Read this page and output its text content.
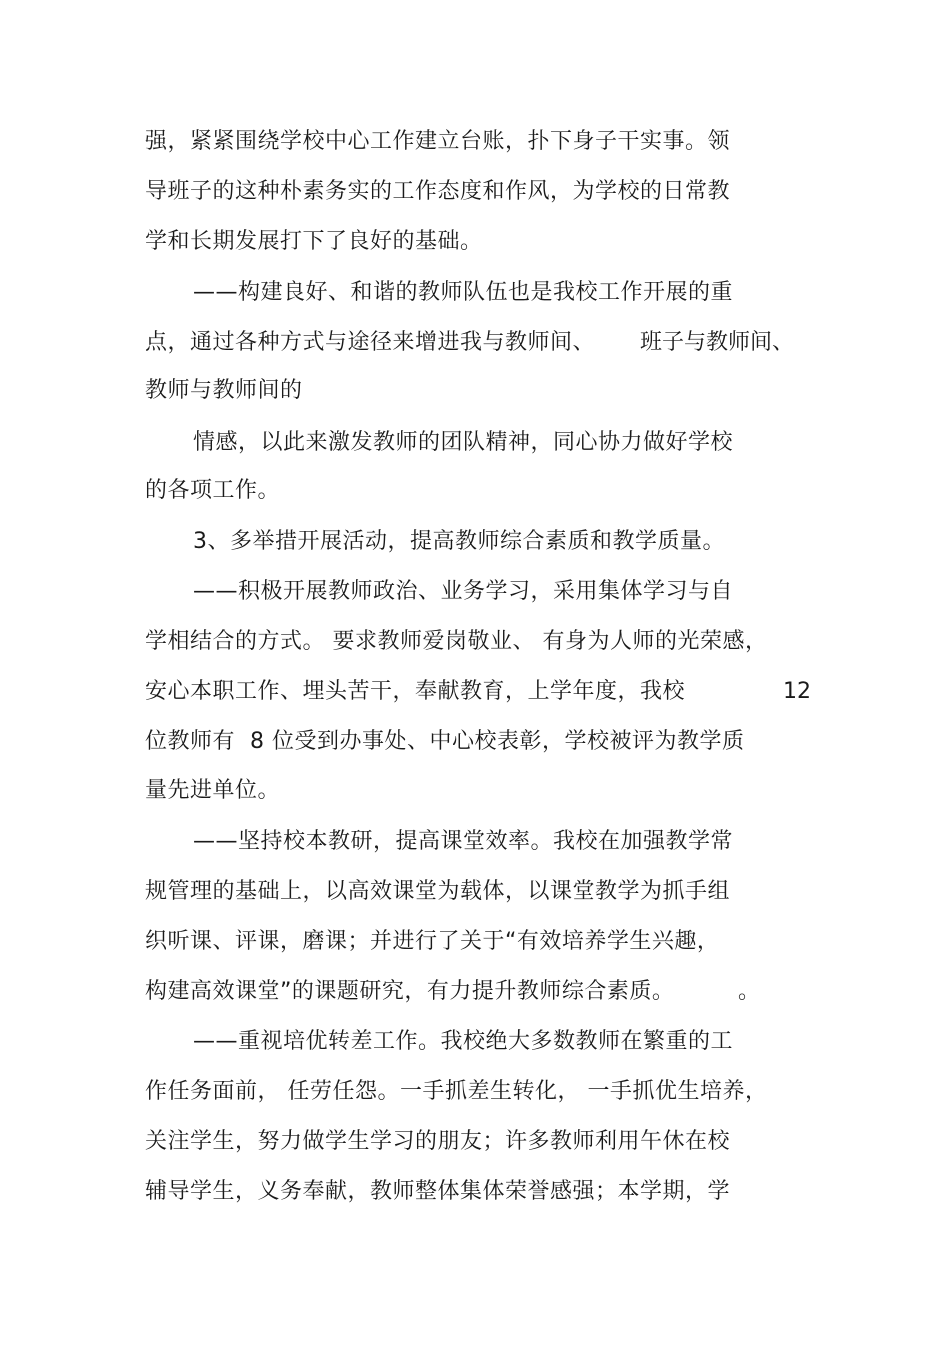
强，紧紧围绕学校中心工作建立台账，扑下身子干实事。领
导班子的这种朴素务实的工作态度和作风，为学校的日常教
学和长期发展打下了良好的基础。
——构建良好、和谐的教师队伍也是我校工作开展的重
点，通过各种方式与途径来增进我与教师间、 班子与教师间、
教师与教师间的
情感，以此来激发教师的团队精神，同心协力做好学校
的各项工作。
3、多举措开展活动，提高教师综合素质和教学质量。
——积极开展教师政治、业务学习，采用集体学习与自
学相结合的方式。 要求教师爱岗敬业、 有身为人师的光荣感，
安心本职工作、埋头苦干，奉献教育，上学年度，我校	12
位教师有  8 位受到办事处、中心校表彰，学校被评为教学质
量先进单位。
——坚持校本教研，提高课堂效率。我校在加强教学常
规管理的基础上，以高效课堂为载体，以课堂教学为抓手组
织听课、评课，磨课；并进行了关于“有效培养学生兴趣，
构建高效课堂”的课题研究，有力提升教师综合素质。	。
——重视培优转差工作。我校绝大多数教师在繁重的工
作任务面前， 任劳任怨。一手抓差生转化， 一手抓优生培养，
关注学生，努力做学生学习的朋友；许多教师利用午休在校
辅导学生，义务奉献，教师整体集体荣誉感强；本学期，学
